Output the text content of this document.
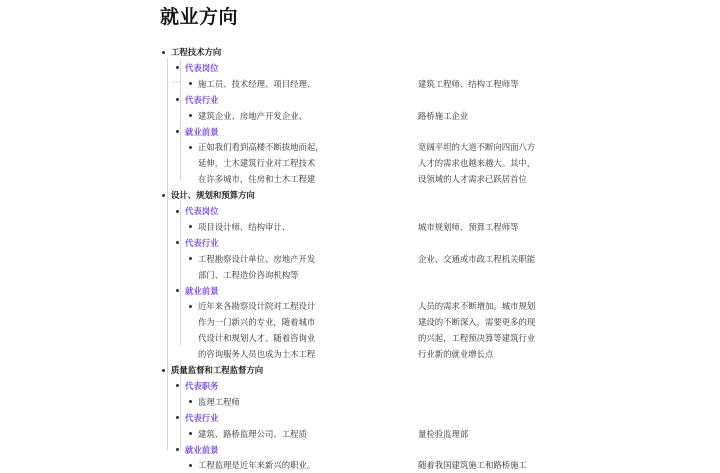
就业方向
···
工程技术方向
代表岗位
施工员、技术经理、项目经理、	建筑工程师、结构工程师等
代表行业
建筑企业、房地产开发企业、	路桥施工企业
就业前景
正如我们看到高楼不断拔地而起，	宽阔平坦的大道不断向四面八方
延伸，土木建筑行业对工程技术	人才的需求也越来越大。其中，
在许多城市，住房和土木工程建	设领域的人才需求已跃居首位
设计、规划和预算方向
代表岗位
项目设计师、结构审计、	城市规划师、预算工程师等
代表行业
工程勘察设计单位、房地产开发	企业、交通或市政工程机关职能
部门、工程造价咨询机构等
就业前景
近年来各勘察设计院对工程设计	人员的需求不断增加。城市规划
作为一门新兴的专业，随着城市	建设的不断深入，需要更多的现
代设计和规划人才。随着咨询业	的兴起，工程预决算等建筑行业
的咨询服务人员也成为土木工程	行业新的就业增长点
质量监督和工程监督方向
代表职务
监理工程师
代表行业
建筑、路桥监理公司、工程质	量检验监理部
就业前景
工程监理是近年来新兴的职业。	随着我国建筑施工和路桥施工
